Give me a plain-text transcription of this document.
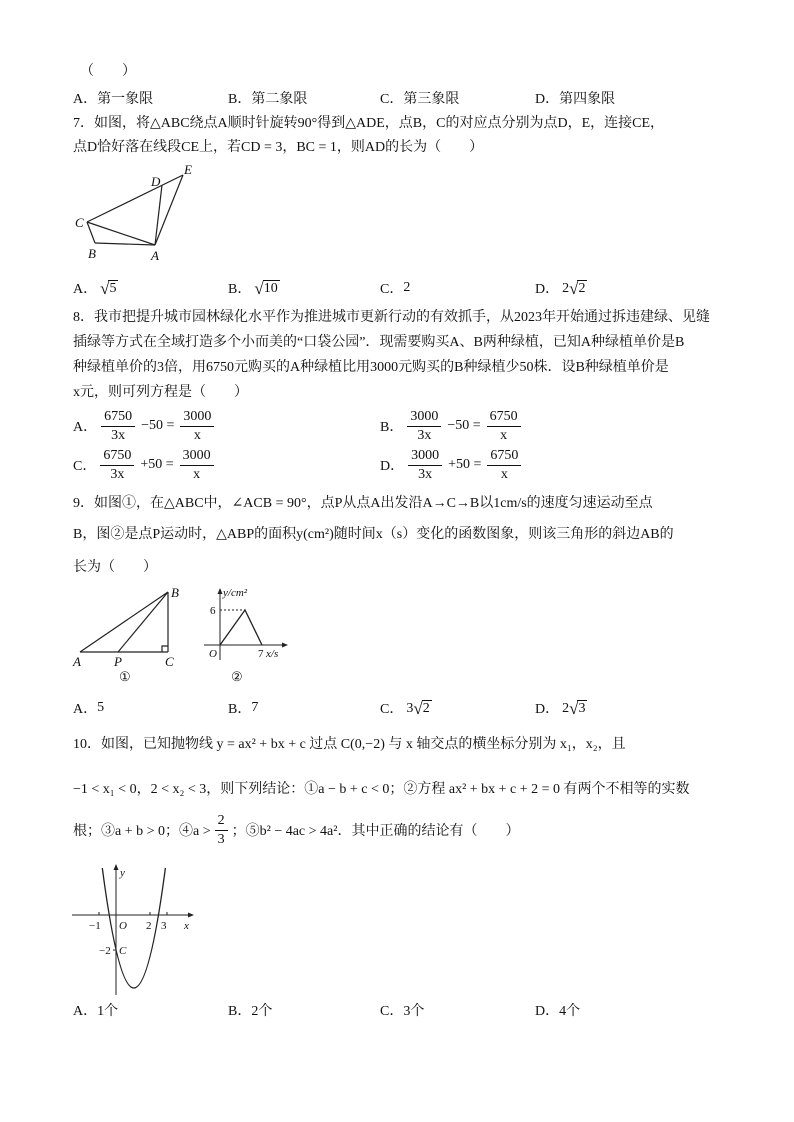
（　　）
A．第一象限	B．第二象限	C．第三象限	D．第四象限
7．如图，将△ABC绕点A顺时针旋转90°得到△ADE，点B，C的对应点分别为点D，E，连接CE，
点D恰好落在线段CE上，若CD = 3，BC = 1，则AD的长为（　　）
E
D
C
B	A
A． √ 5	B． √ 10	C． 2	D． 2 √ 2
8．我市把提升城市园林绿化水平作为推进城市更新行动的有效抓手，从2023年开始通过拆违建绿、见缝
插绿等方式在全域打造多个小而美的“口袋公园”．现需要购买A、B两种绿植，已知A种绿植单价是B
种绿植单价的3倍，用6750元购买的A种绿植比用3000元购买的B种绿植少50株．设B种绿植单价是
x元，则可列方程是（　　）
A． $\frac{6750}{3x} -50 = \frac{3000}{x}$	B． $\frac{3000}{3x} -50 = \frac{6750}{x}$
C． $\frac{6750}{3x} +50 = \frac{3000}{x}$	D． $\frac{3000}{3x} +50 = \frac{6750}{x}$
9．如图①，在△ABC中，∠ACB = 90°，点P从点A出发沿A→C→B以1cm/s的速度匀速运动至点
B，图②是点P运动时，△ABP的面积y(cm²)随时间x（s）变化的函数图象，则该三角形的斜边AB的
长为（　　）
B
A	P	C
①
y/cm²
6
O	7 x/s
②
A． 5	B． 7	C． 3 √ 2	D． 2 √ 3
10．如图，已知抛物线 y = ax² + bx + c 过点 C(0,−2) 与 x 轴交点的横坐标分别为 x₁，x₂，且
−1 < x₁ < 0，2 < x₂ < 3，则下列结论：①a − b + c < 0；②方程 ax² + bx + c + 2 = 0 有两个不相等的实数
根；③a + b > 0；④a > $\frac{2}{3}$ ；⑤b² − 4ac > 4a²．其中正确的结论有（　　）
y
x
−1 O 2 3
−2 C
A．1个	B．2个	C．3个	D．4个
